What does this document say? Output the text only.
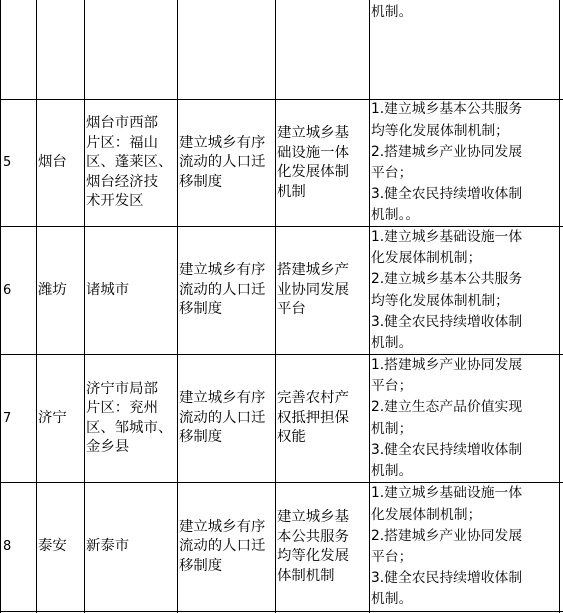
机制。
5 烟台
烟台市西部
片区：福山
区、蓬莱区、
烟台经济技
术开发区
建立城乡有序
流动的人口迁
移制度
建立城乡基
础设施一体
化发展体制
机制
1.建立城乡基本公共服务
均等化发展体制机制；
2.搭建城乡产业协同发展
平台；
3.健全农民持续增收体制
机制。。
6 潍坊 诸城市
建立城乡有序
流动的人口迁
移制度
搭建城乡产
业协同发展
平台
1.建立城乡基础设施一体
化发展体制机制；
2.建立城乡基本公共服务
均等化发展体制机制；
3.健全农民持续增收体制
机制。
7 济宁
济宁市局部
片区：兖州
区、邹城市、
金乡县
建立城乡有序
流动的人口迁
移制度
完善农村产
权抵押担保
权能
1.搭建城乡产业协同发展
平台；
2.建立生态产品价值实现
机制；
3.健全农民持续增收体制
机制。
8 泰安 新泰市
建立城乡有序
流动的人口迁
移制度
建立城乡基
本公共服务
均等化发展
体制机制
1.建立城乡基础设施一体
化发展体制机制；
2.搭建城乡产业协同发展
平台；
3.健全农民持续增收体制
机制。
